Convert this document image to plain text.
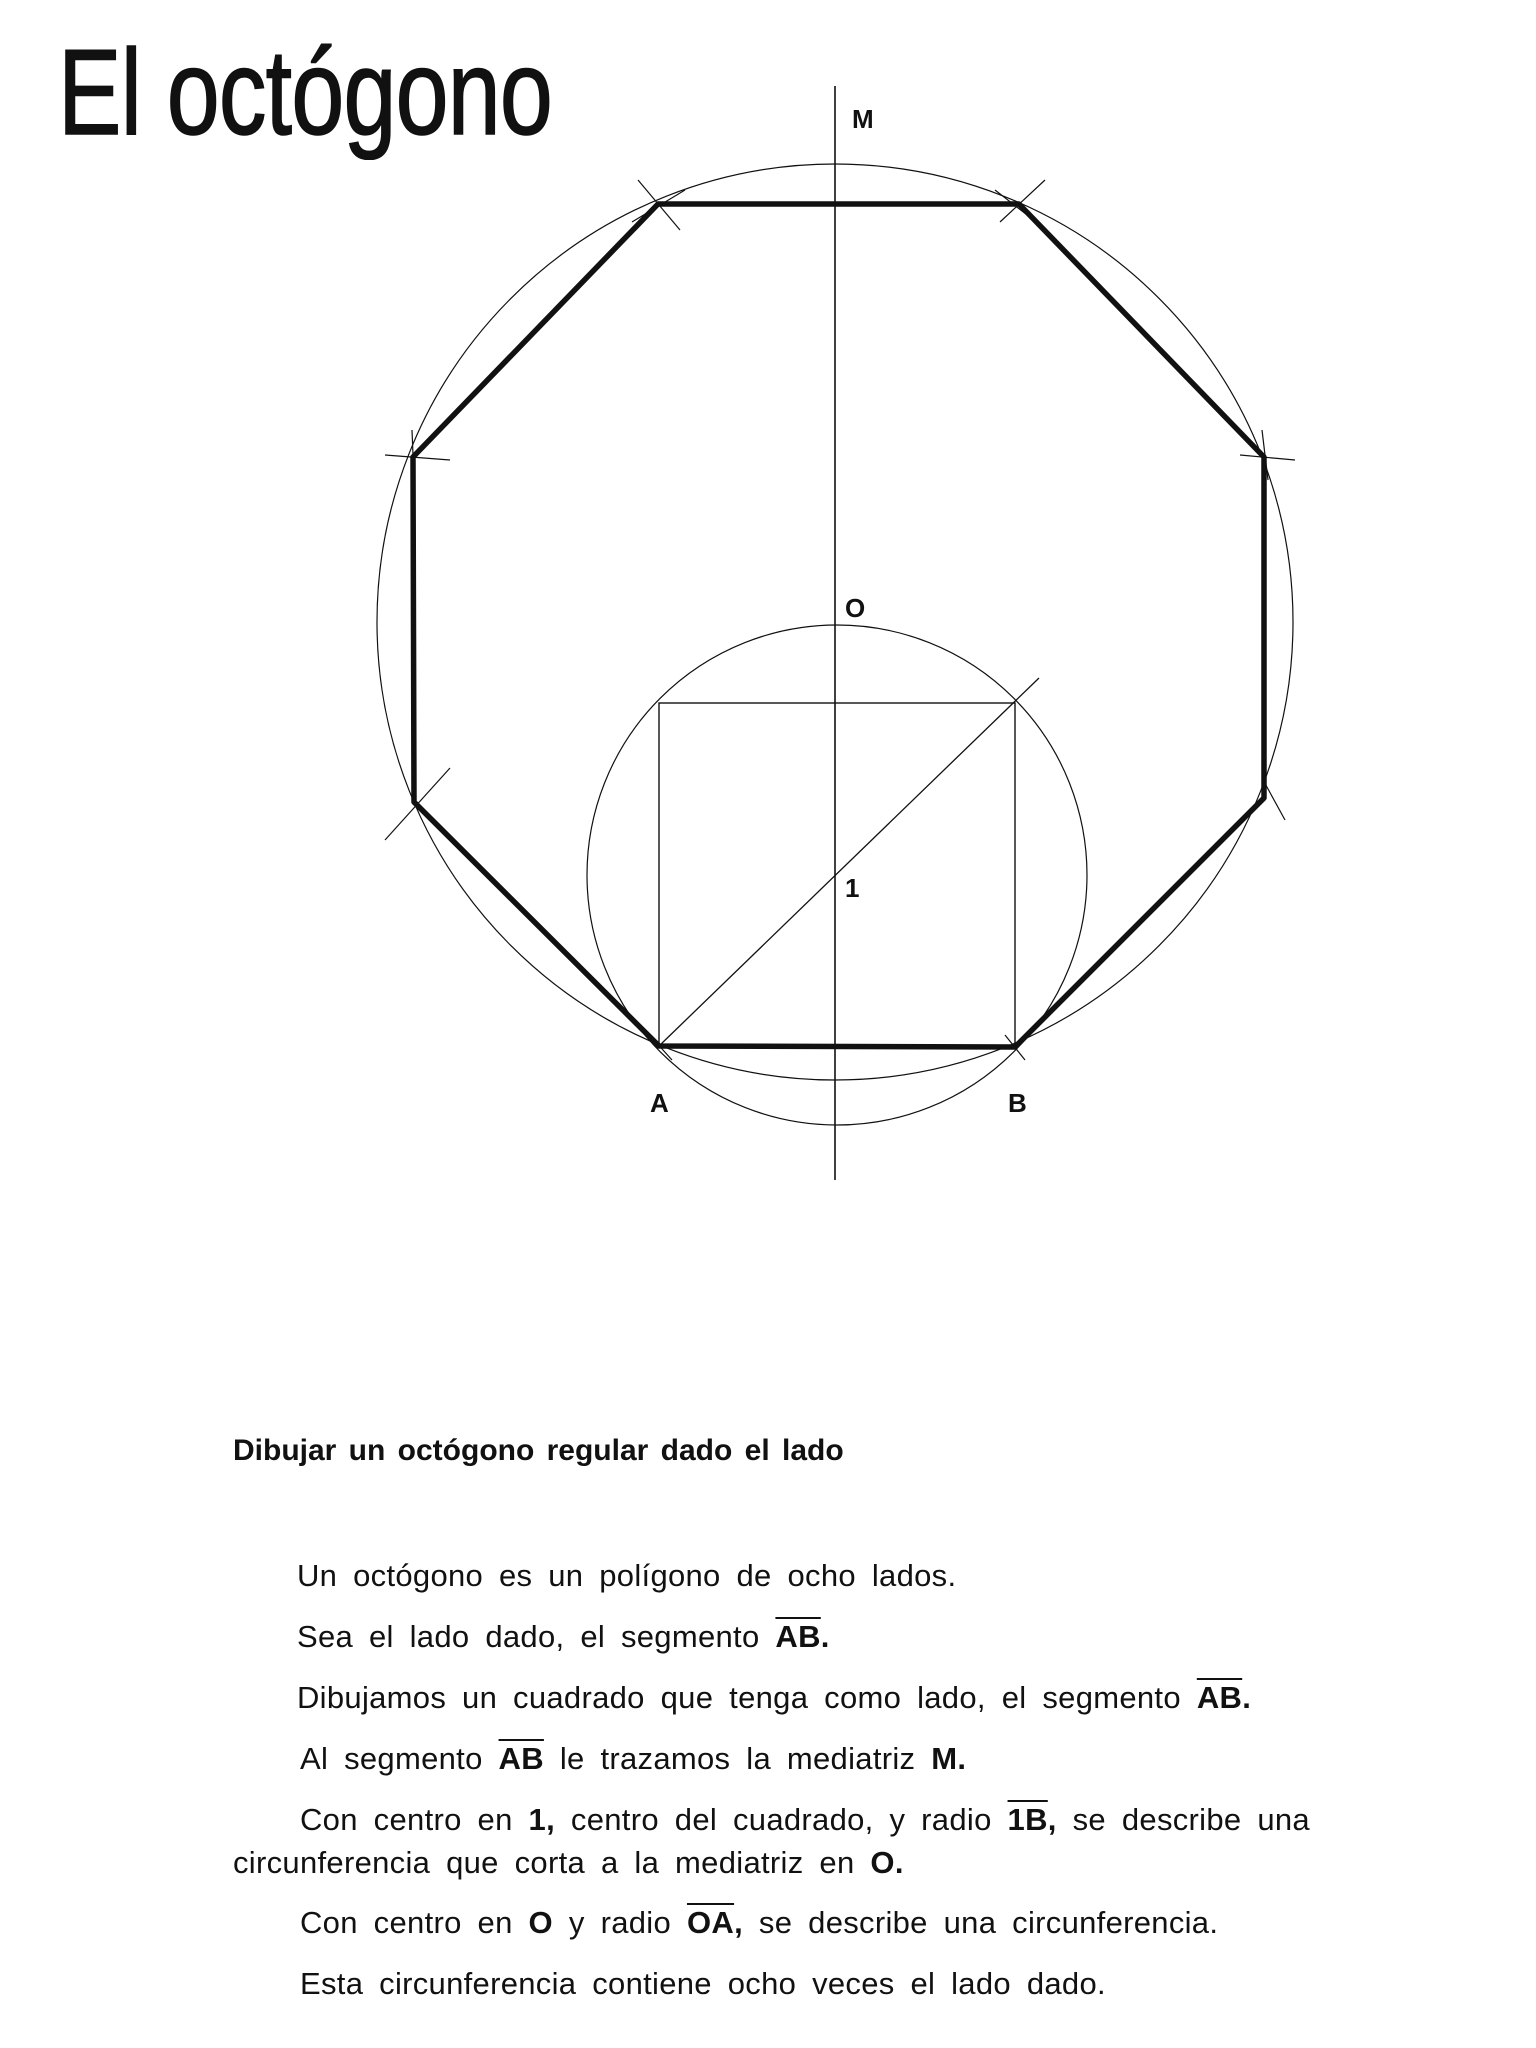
El octógono	M
O
1
A	B
Dibujar un octógono regular dado el lado
Un octógono es un polígono de ocho lados.
Sea el lado dado, el segmento $\overline{AB}$.
Dibujamos un cuadrado que tenga como lado, el segmento $\overline{AB}$.
Al segmento $\overline{AB}$ le trazamos la mediatriz M.
Con centro en 1, centro del cuadrado, y radio 1B, se describe una
circunferencia que corta a la mediatriz en O.
Con centro en O y radio $\overline{OA}$, se describe una circunferencia.
Esta circunferencia contiene ocho veces el lado dado.
